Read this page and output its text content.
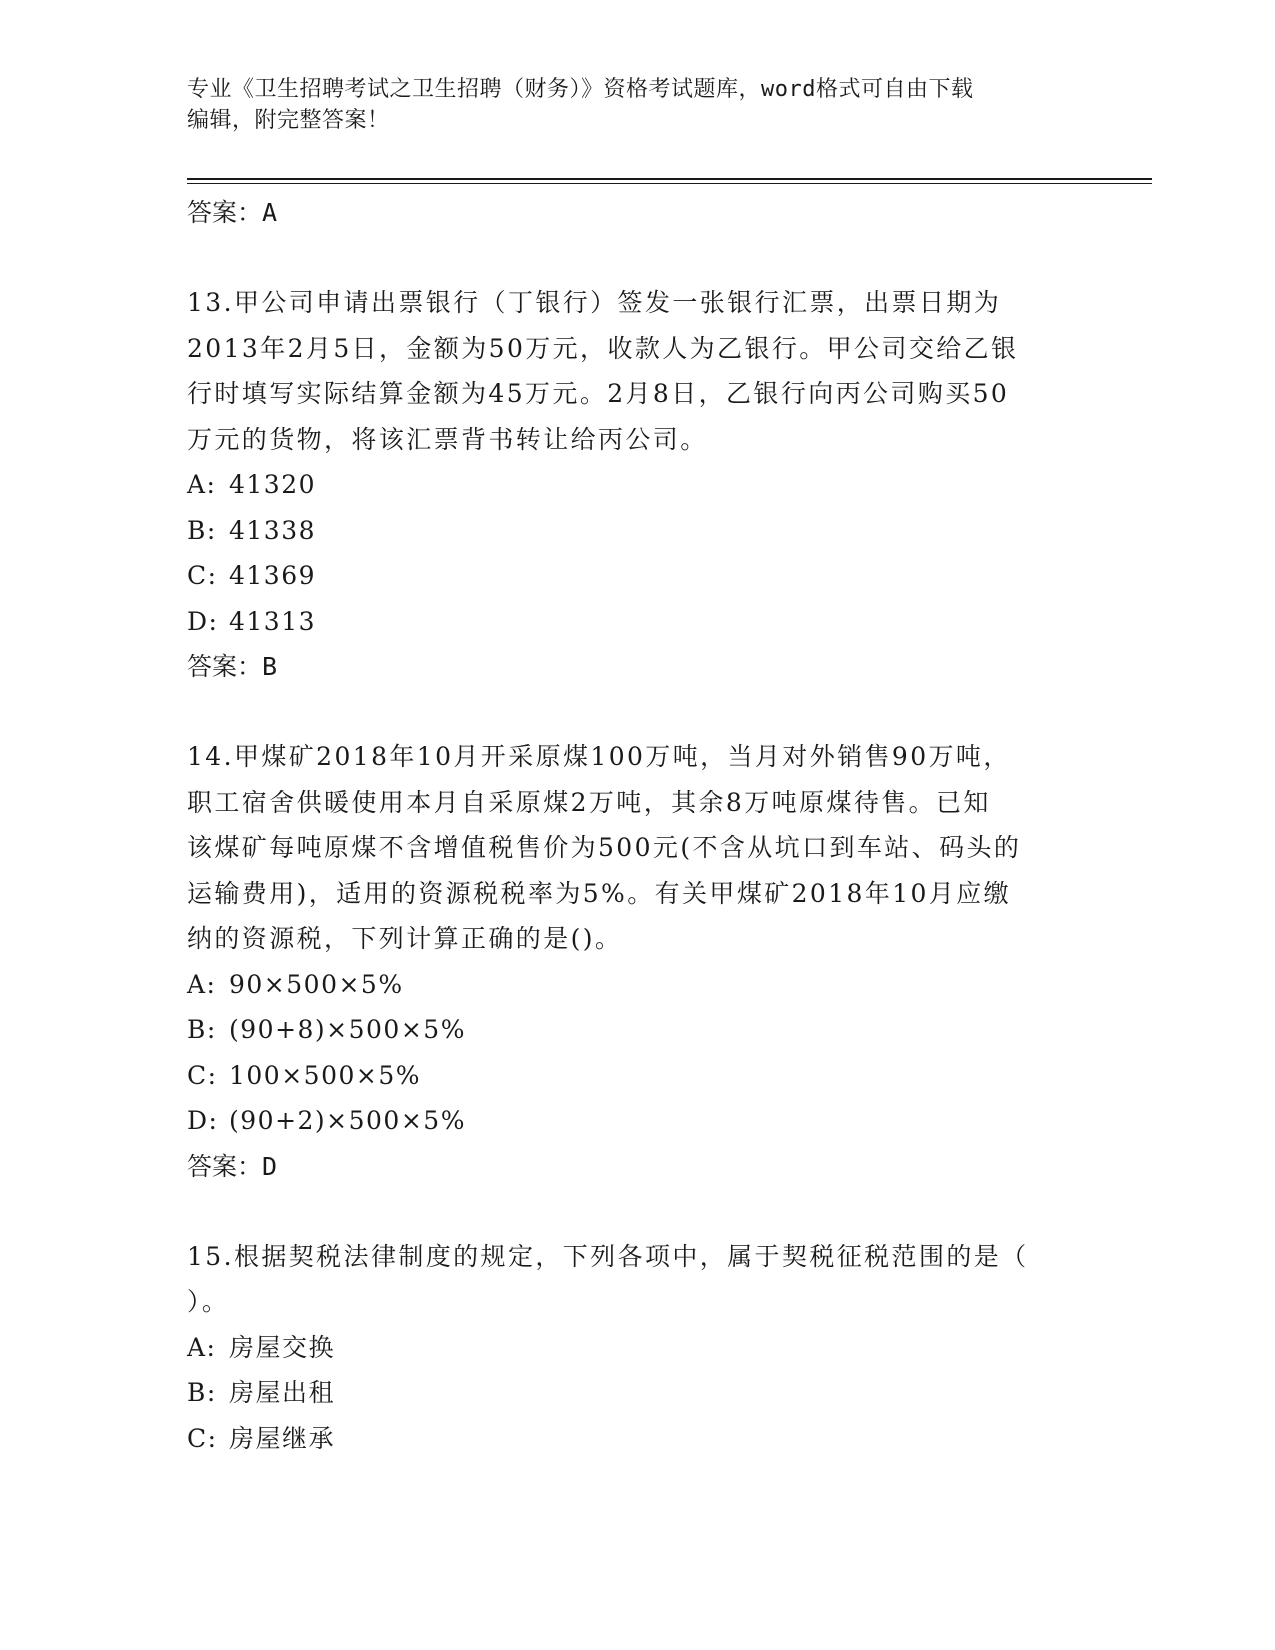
专业《卫生招聘考试之卫生招聘（财务）》资格考试题库，word格式可自由下载
编辑，附完整答案！
答案：A
13.甲公司申请出票银行（丁银行）签发一张银行汇票，出票日期为
2013年2月5日，金额为50万元，收款人为乙银行。甲公司交给乙银
行时填写实际结算金额为45万元。2月8日，乙银行向丙公司购买50
万元的货物，将该汇票背书转让给丙公司。
A: 41320
B: 41338
C: 41369
D: 41313
答案：B
14.甲煤矿2018年10月开采原煤100万吨，当月对外销售90万吨，
职工宿舍供暖使用本月自采原煤2万吨，其余8万吨原煤待售。已知
该煤矿每吨原煤不含增值税售价为500元(不含从坑口到车站、码头的
运输费用)，适用的资源税税率为5%。有关甲煤矿2018年10月应缴
纳的资源税，下列计算正确的是()。
A: 90×500×5%
B: (90+8)×500×5%
C: 100×500×5%
D: (90+2)×500×5%
答案：D
15.根据契税法律制度的规定，下列各项中，属于契税征税范围的是（
）。
A: 房屋交换
B: 房屋出租
C: 房屋继承
